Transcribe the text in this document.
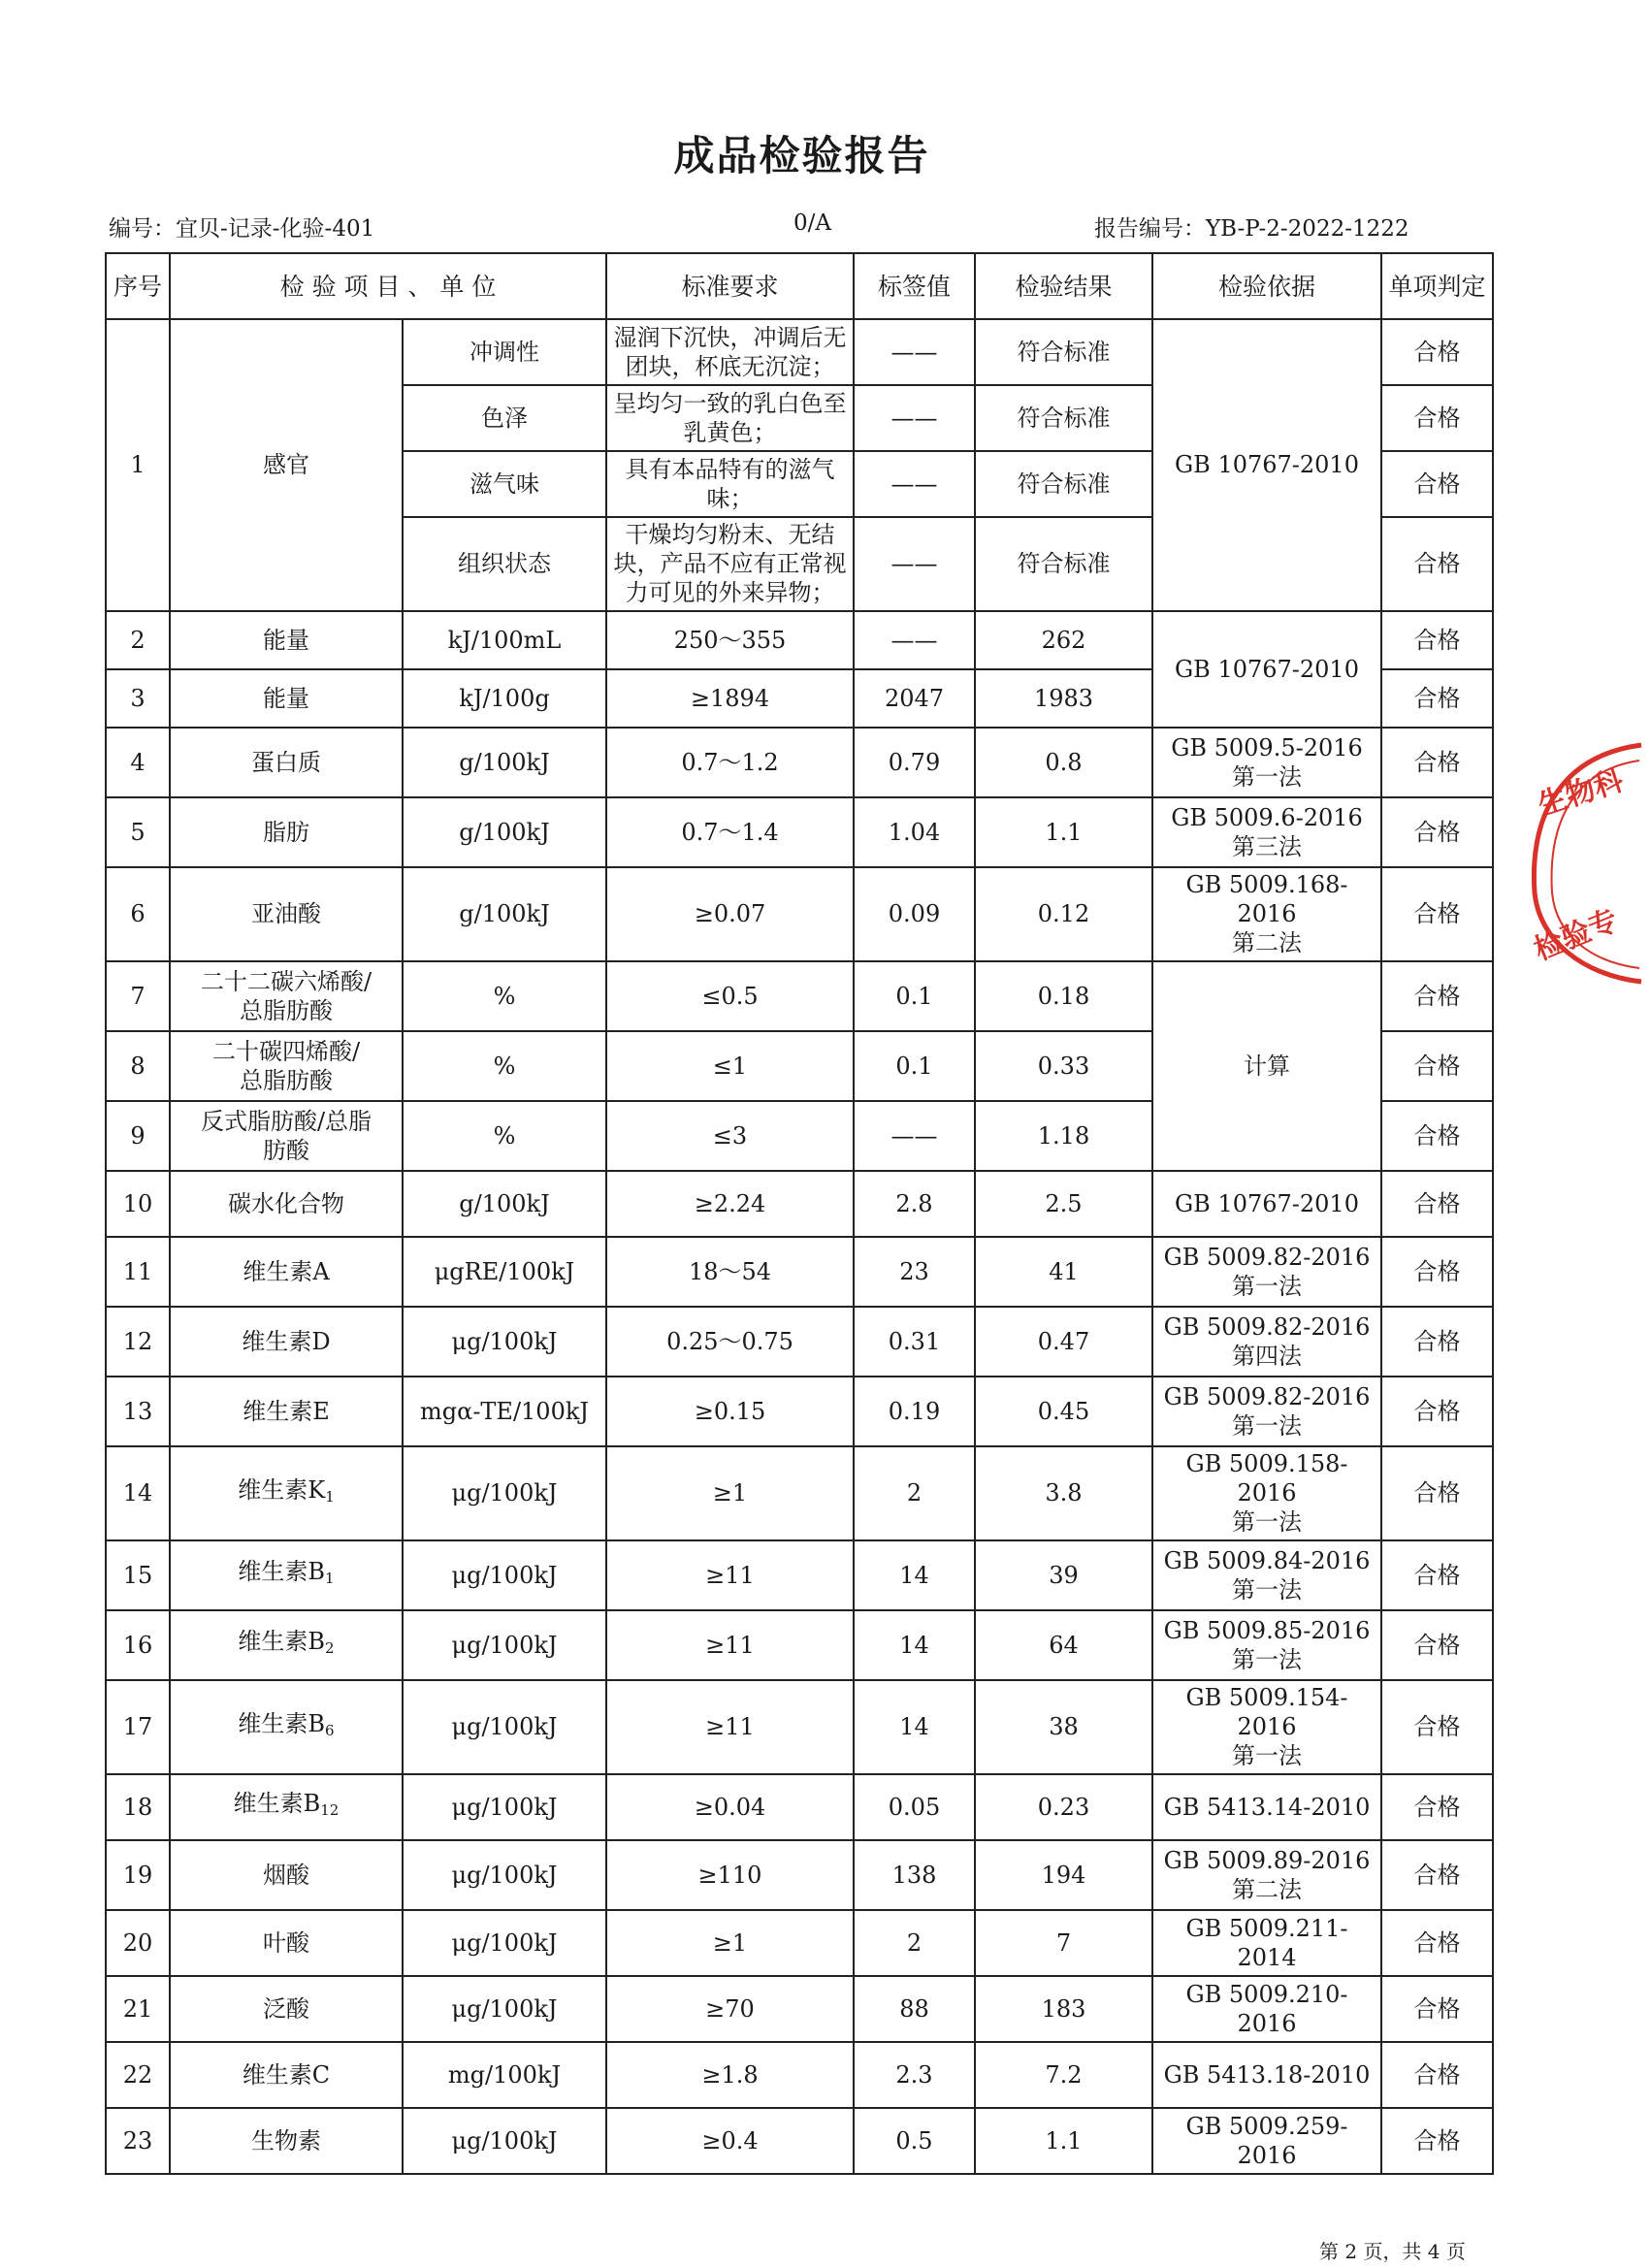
成品检验报告
编号：宜贝-记录-化验-401	0/A	报告编号：YB-P-2-2022-1222
序号	检 验 项 目 、 单 位		标准要求	标签值	检验结果	检验依据	单项判定
1	感官	冲调性	湿润下沉快，冲调后无
团块，杯底无沉淀；	——	符合标准	GB 10767-2010	合格
		色泽	呈均匀一致的乳白色至
乳黄色；	——	符合标准		合格
		滋气味	具有本品特有的滋气
味；	——	符合标准		合格
		组织状态	干燥均匀粉末、无结
块，产品不应有正常视
力可见的外来异物；	——	符合标准		合格
2	能量	kJ/100mL	250～355	——	262	GB 10767-2010	合格
3	能量	kJ/100g	≥1894	2047	1983		合格
4	蛋白质	g/100kJ	0.7～1.2	0.79	0.8	GB 5009.5-2016
第一法	合格
5	脂肪	g/100kJ	0.7～1.4	1.04	1.1	GB 5009.6-2016
第三法	合格
6	亚油酸	g/100kJ	≥0.07	0.09	0.12	GB 5009.168-2016
第二法	合格
7	二十二碳六烯酸/
总脂肪酸	%	≤0.5	0.1	0.18	计算	合格
8	二十碳四烯酸/
总脂肪酸	%	≤1	0.1	0.33		合格
9	反式脂肪酸/总脂
肪酸	%	≤3	——	1.18		合格
10	碳水化合物	g/100kJ	≥2.24	2.8	2.5	GB 10767-2010	合格
11	维生素A	μgRE/100kJ	18～54	23	41	GB 5009.82-2016
第一法	合格
12	维生素D	μg/100kJ	0.25～0.75	0.31	0.47	GB 5009.82-2016
第四法	合格
13	维生素E	mgα-TE/100kJ	≥0.15	0.19	0.45	GB 5009.82-2016
第一法	合格
14	维生素$K_1$	μg/100kJ	≥1	2	3.8	GB 5009.158-2016
第一法	合格
15	维生素$B_1$	μg/100kJ	≥11	14	39	GB 5009.84-2016
第一法	合格
16	维生素$B_2$	μg/100kJ	≥11	14	64	GB 5009.85-2016
第一法	合格
17	维生素$B_6$	μg/100kJ	≥11	14	38	GB 5009.154-2016
第一法	合格
18	维生素$B_{12}$	μg/100kJ	≥0.04	0.05	0.23	GB 5413.14-2010	合格
19	烟酸	μg/100kJ	≥110	138	194	GB 5009.89-2016
第二法	合格
20	叶酸	μg/100kJ	≥1	2	7	GB 5009.211-2014	合格
21	泛酸	μg/100kJ	≥70	88	183	GB 5009.210-2016	合格
22	维生素C	mg/100kJ	≥1.8	2.3	7.2	GB 5413.18-2010	合格
23	生物素	μg/100kJ	≥0.4	0.5	1.1	GB 5009.259-2016	合格
生物科
检验专
第 2 页，共 4 页
